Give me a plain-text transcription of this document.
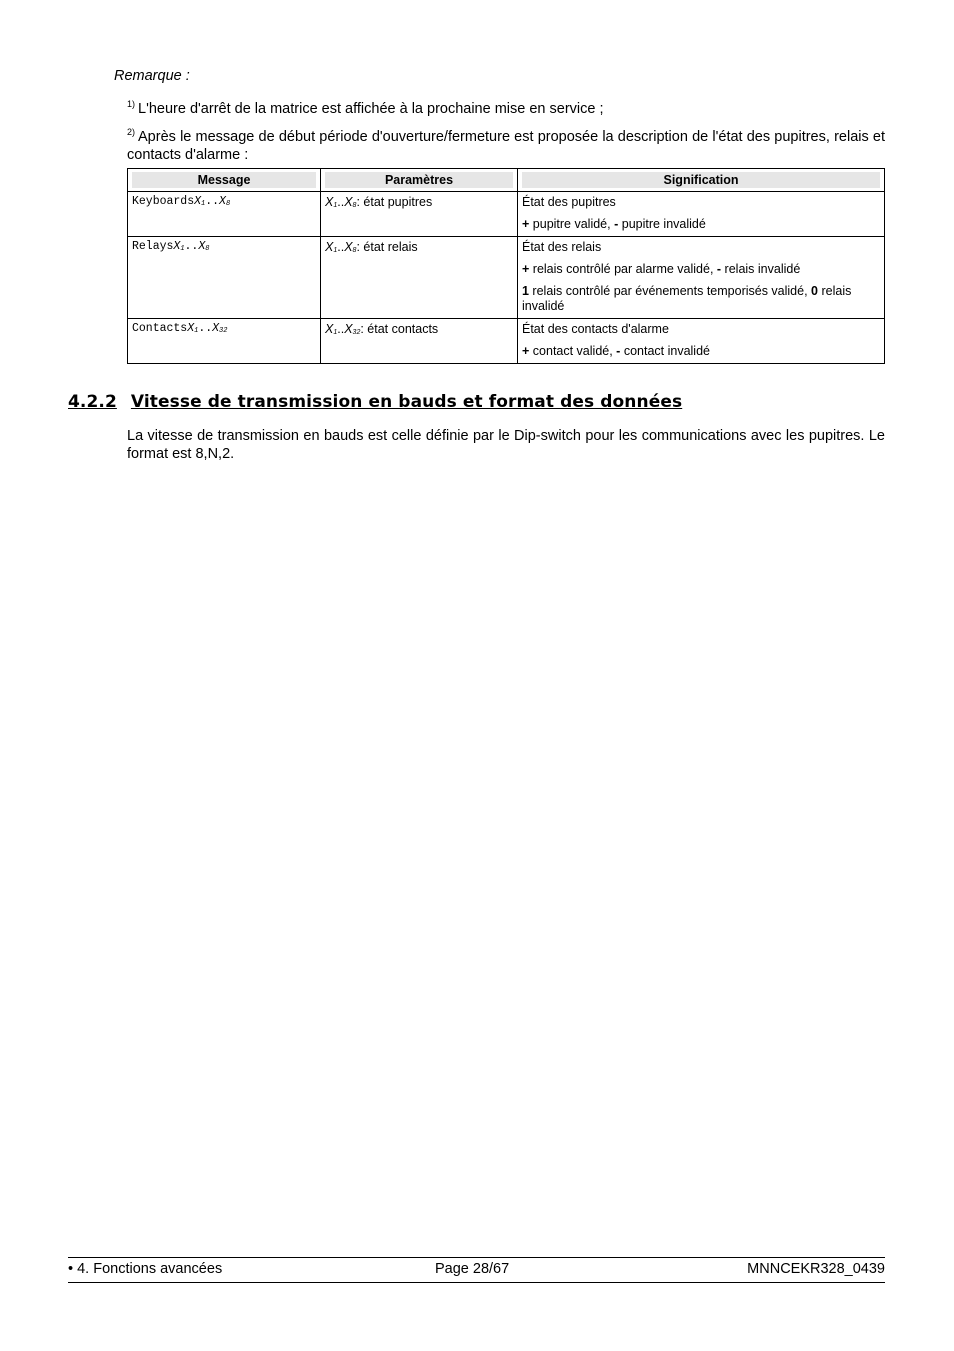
Remarque :
$^{1)}$ L'heure d'arrêt de la matrice est affichée à la prochaine mise en service ;
$^{2)}$ Après le message de début période d'ouverture/fermeture est proposée la description de l'état des pupitres, relais et contacts d'alarme :
Message	Paramètres	Signification

KeyboardsX1..X8	X1..X8: état pupitres	État des pupitres

+ pupitre validé, - pupitre invalidé

RelaysX1..X8	X1..X8: état relais	État des relais

+ relais contrôlé par alarme validé, - relais invalidé

1 relais contrôlé par événements temporisés validé, 0 relais invalidé

ContactsX1..X32	X1..X32: état contacts	État des contacts d'alarme

+ contact validé, - contact invalidé

4.2.2 Vitesse de transmission en bauds et format des données
La vitesse de transmission en bauds est celle définie par le Dip-switch pour les communications avec les pupitres. Le format est 8,N,2.
• 4. Fonctions avancées	Page 28/67	MNNCEKR328_0439
